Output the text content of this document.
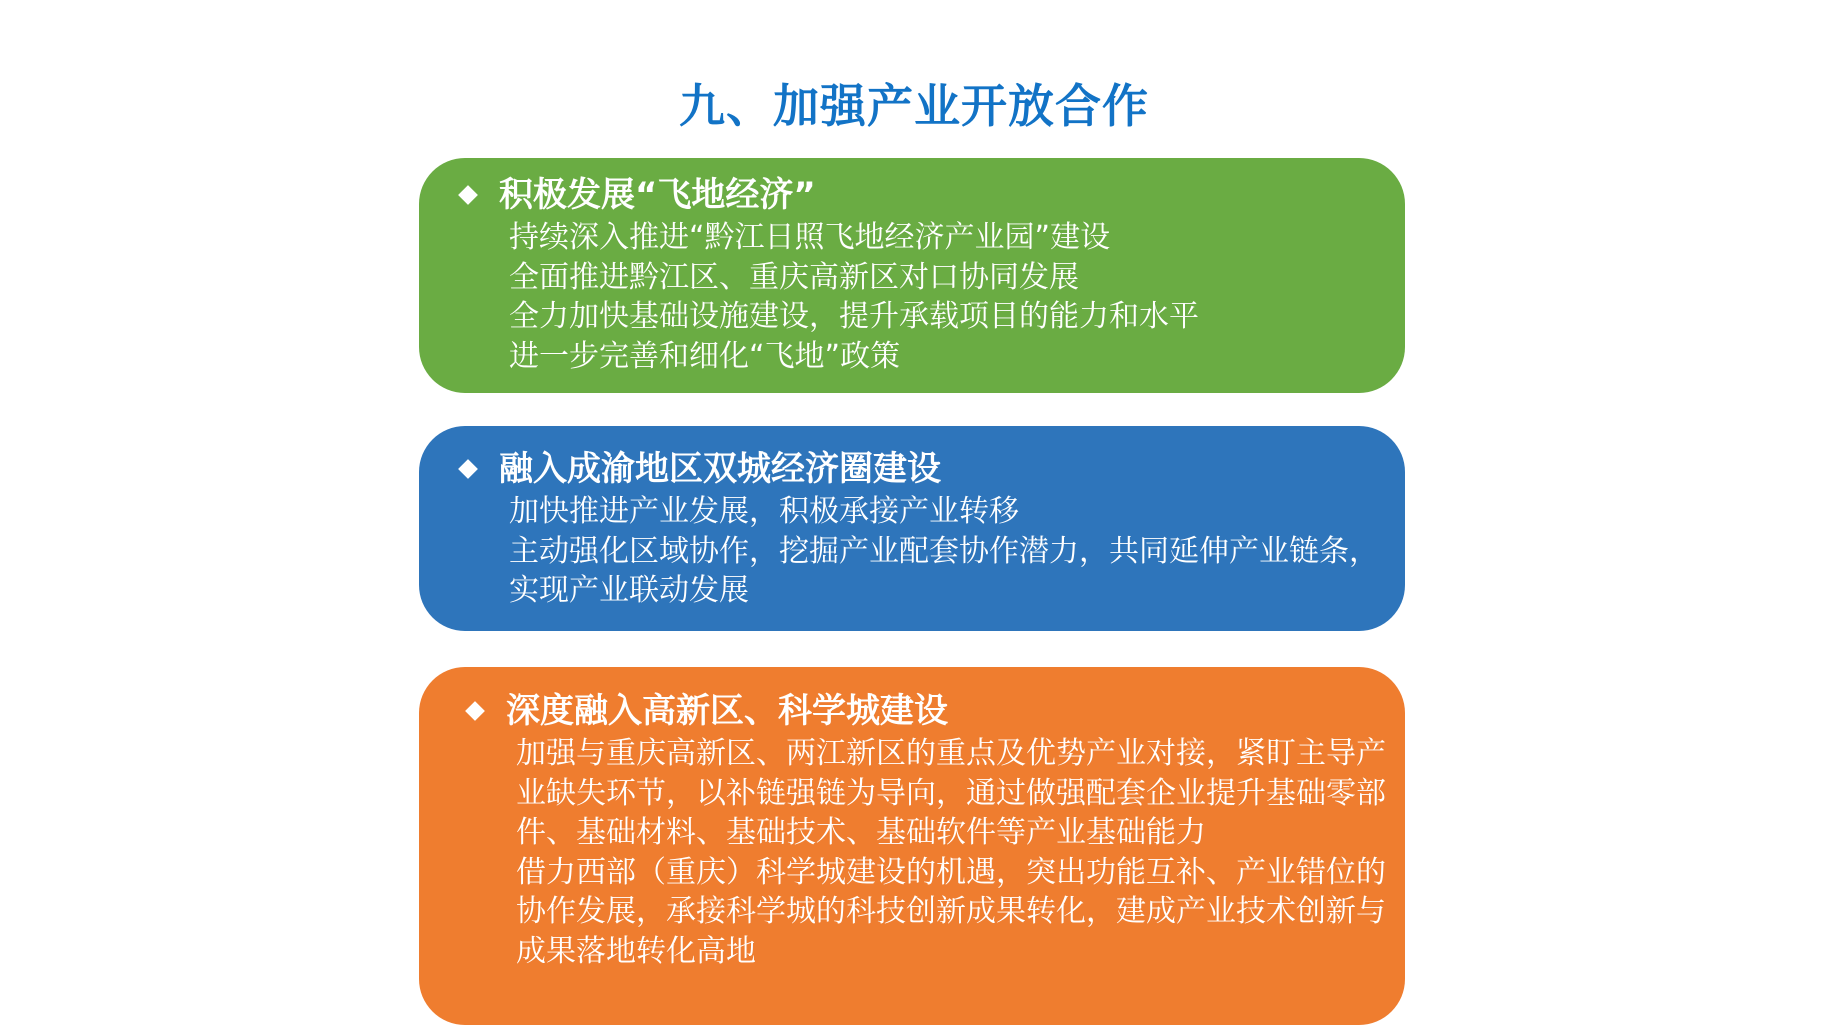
九、加强产业开放合作
积极发展“飞地经济”
持续深入推进“黔江日照飞地经济产业园”建设
全面推进黔江区、重庆高新区对口协同发展
全力加快基础设施建设，提升承载项目的能力和水平
进一步完善和细化“飞地”政策
融入成渝地区双城经济圈建设
加快推进产业发展，积极承接产业转移
主动强化区域协作，挖掘产业配套协作潜力，共同延伸产业链条，实现产业联动发展
深度融入高新区、科学城建设
加强与重庆高新区、两江新区的重点及优势产业对接，紧盯主导产业缺失环节，以补链强链为导向，通过做强配套企业提升基础零部件、基础材料、基础技术、基础软件等产业基础能力
借力西部（重庆）科学城建设的机遇，突出功能互补、产业错位的协作发展，承接科学城的科技创新成果转化，建成产业技术创新与成果落地转化高地
